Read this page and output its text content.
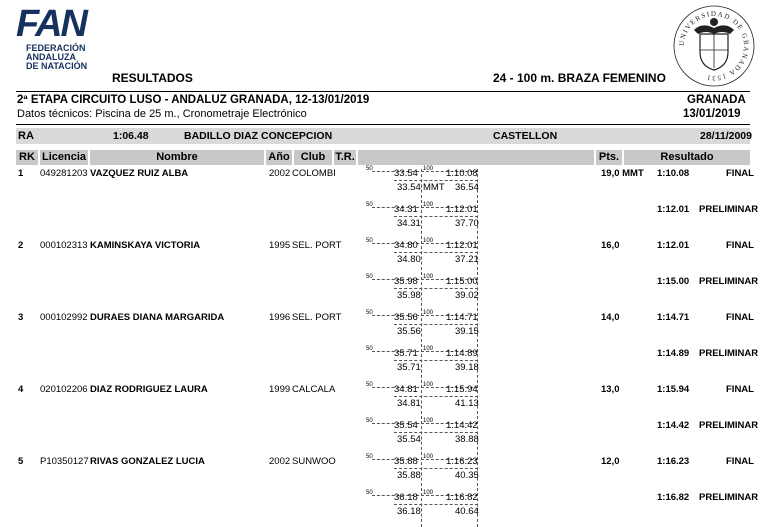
FAN
FEDERACIÓN
ANDALUZA
DE NATACIÓN
RESULTADOS	24 - 100 m. BRAZA FEMENINO
UNIVERSIDAD DE GRANADA 1531
2ª ETAPA CIRCUITO LUSO - ANDALUZ GRANADA, 12-13/01/2019	GRANADA
Datos técnicos: Piscina de 25 m., Cronometraje Electrónico	13/01/2019
RA	1:06.48	BADILLO DIAZ CONCEPCION	CASTELLON	28/11/2009
RK Licencia	Nombre	Año	Club T.R.	Pts.	Resultado
1 049281203 VAZQUEZ RUIZ ALBA	2002 COLOMBI	19,0 MMT 1:10.08	FINAL
50 33.54 100 1:10.08
33.54 MMT 36.54
1:12.01 PRELIMINAR
50 34.31 100 1:12.01
34.31	37.70
2 000102313 KAMINSKAYA VICTORIA	1995 SEL. PORT	16,0	1:12.01	FINAL
50 34.80 100 1:12.01
34.80	37.21
1:15.00 PRELIMINAR
50 35.98 100 1:15.00
35.98	39.02
3 000102992 DURAES DIANA MARGARIDA	1996 SEL. PORT	14,0	1:14.71	FINAL
50 35.56 100 1:14.71
35.56	39.15
1:14.89 PRELIMINAR
50 35.71 100 1:14.89
35.71	39.18
4 020102206 DIAZ RODRIGUEZ LAURA	1999 CALCALA	13,0	1:15.94	FINAL
50 34.81 100 1:15.94
34.81	41.13
1:14.42 PRELIMINAR
50 35.54 100 1:14.42
35.54	38.88
5 P10350127 RIVAS GONZALEZ LUCIA	2002 SUNWOO	12,0	1:16.23	FINAL
50 35.88 100 1:16.23
35.88	40.35
1:16.82 PRELIMINAR
50 36.18 100 1:16.82
36.18	40.64
